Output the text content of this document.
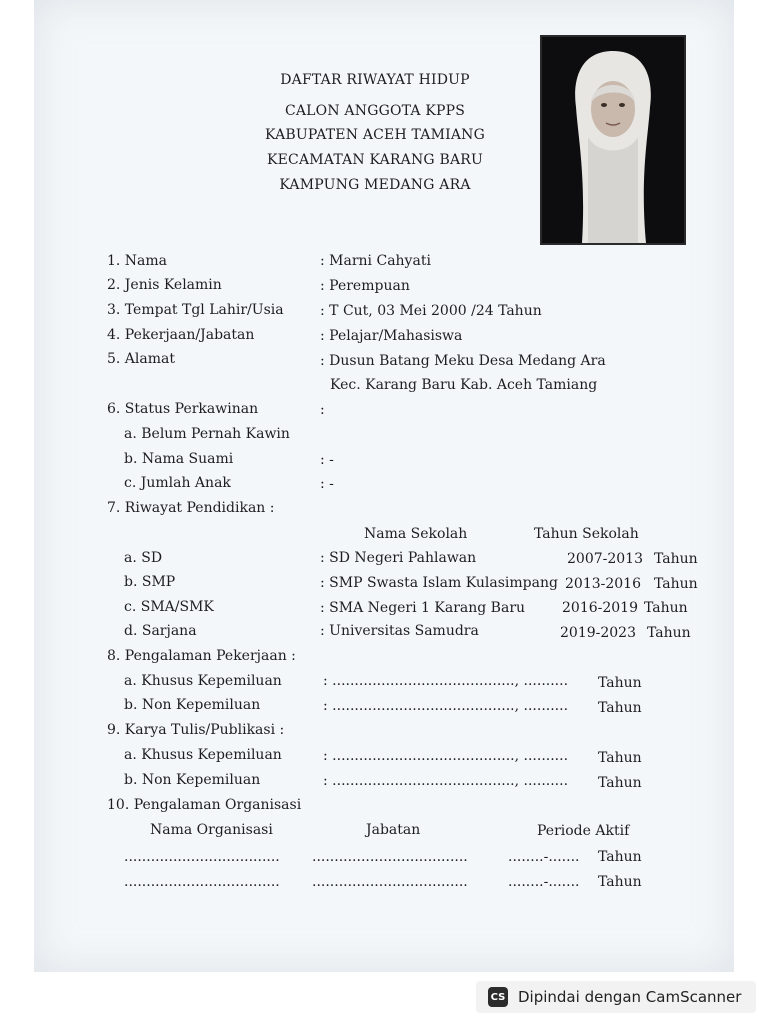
DAFTAR RIWAYAT HIDUP
CALON ANGGOTA KPPS
KABUPATEN ACEH TAMIANG
KECAMATAN KARANG BARU
KAMPUNG MEDANG ARA
1. Nama	: Marni Cahyati
2. Jenis Kelamin	: Perempuan
3. Tempat Tgl Lahir/Usia	: T Cut, 03 Mei 2000 /24 Tahun
4. Pekerjaan/Jabatan	: Pelajar/Mahasiswa
5. Alamat	: Dusun Batang Meku Desa Medang Ara
Kec. Karang Baru Kab. Aceh Tamiang
6. Status Perkawinan	:
a. Belum Pernah Kawin
b. Nama Suami	: -
c. Jumlah Anak	: -
7. Riwayat Pendidikan :
Nama Sekolah	Tahun Sekolah
a. SD	: SD Negeri Pahlawan	2007-2013 Tahun
b. SMP	: SMP Swasta Islam Kulasimpang 2013-2016 Tahun
c. SMA/SMK	: SMA Negeri 1 Karang Baru	2016-2019 Tahun
d. Sarjana	: Universitas Samudra	2019-2023 Tahun
8. Pengalaman Pekerjaan :
a. Khusus Kepemiluan	: ........................................., .......... Tahun
b. Non Kepemiluan	: ........................................., .......... Tahun
9. Karya Tulis/Publikasi :
a. Khusus Kepemiluan	: ........................................., .......... Tahun
b. Non Kepemiluan	: ........................................., .......... Tahun
10. Pengalaman Organisasi
Nama Organisasi	Jabatan	Periode Aktif
................................... ...................................	........-....... Tahun
................................... ...................................	........-....... Tahun
CS Dipindai dengan CamScanner
